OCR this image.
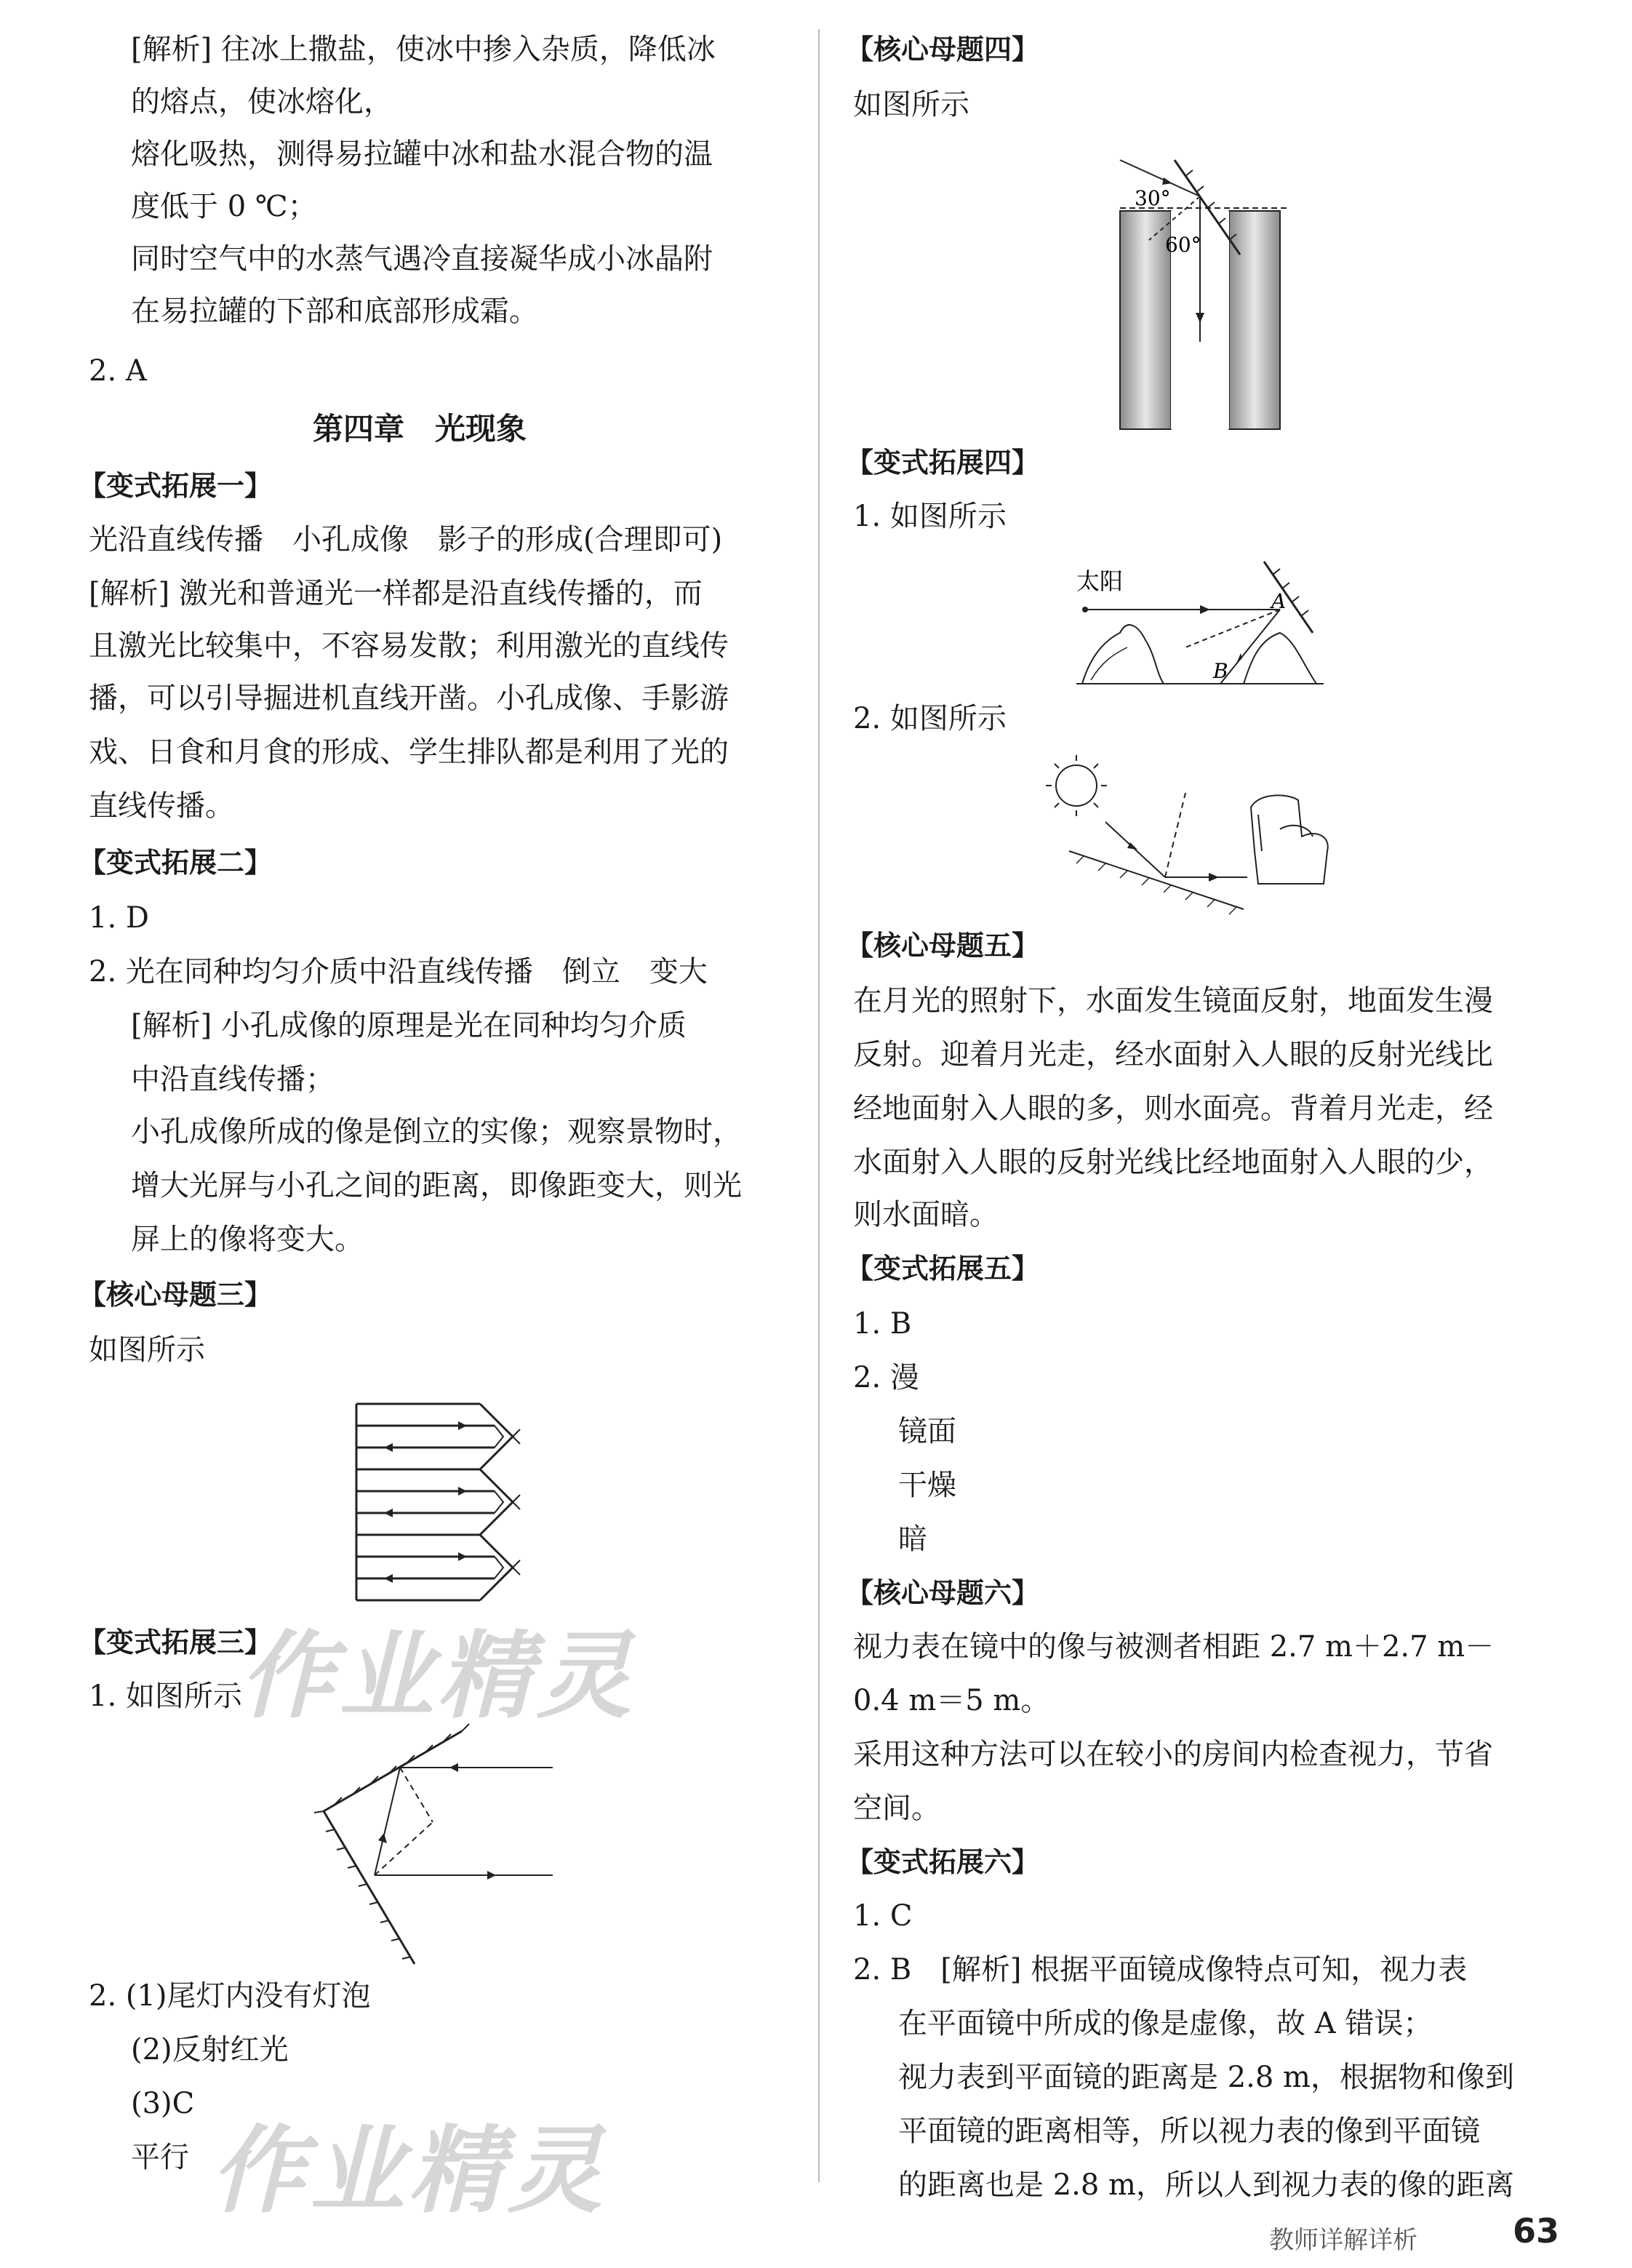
[解析] 往冰上撒盐，使冰中掺入杂质，降低冰
的熔点，使冰熔化，
熔化吸热，测得易拉罐中冰和盐水混合物的温
度低于 0 ℃；
同时空气中的水蒸气遇冷直接凝华成小冰晶附
在易拉罐的下部和底部形成霜。
2. A
第四章　光现象
【变式拓展一】
光沿直线传播　小孔成像　影子的形成(合理即可)
[解析] 激光和普通光一样都是沿直线传播的，而
且激光比较集中，不容易发散；利用激光的直线传
播，可以引导掘进机直线开凿。小孔成像、手影游
戏、日食和月食的形成、学生排队都是利用了光的
直线传播。
【变式拓展二】
1. D
2. 光在同种均匀介质中沿直线传播　倒立　变大
[解析] 小孔成像的原理是光在同种均匀介质
中沿直线传播；
小孔成像所成的像是倒立的实像；观察景物时，
增大光屏与小孔之间的距离，即像距变大，则光
屏上的像将变大。
【核心母题三】
如图所示
【变式拓展三】
1. 如图所示
2. (1)尾灯内没有灯泡
(2)反射红光
(3)C
平行
【核心母题四】
如图所示
30°
60°
【变式拓展四】
1. 如图所示
太阳
A
B
2. 如图所示
【核心母题五】
在月光的照射下，水面发生镜面反射，地面发生漫
反射。迎着月光走，经水面射入人眼的反射光线比
经地面射入人眼的多，则水面亮。背着月光走，经
水面射入人眼的反射光线比经地面射入人眼的少，
则水面暗。
【变式拓展五】
1. B
2. 漫
镜面
干燥
暗
【核心母题六】
视力表在镜中的像与被测者相距 2.7 m＋2.7 m－
0.4 m＝5 m。
采用这种方法可以在较小的房间内检查视力，节省
空间。
【变式拓展六】
1. C
2. B　[解析] 根据平面镜成像特点可知，视力表
在平面镜中所成的像是虚像，故 A 错误；
视力表到平面镜的距离是 2.8 m，根据物和像到
平面镜的距离相等，所以视力表的像到平面镜
的距离也是 2.8 m，所以人到视力表的像的距离
作业精灵
作业精灵
教师详解详析	63
